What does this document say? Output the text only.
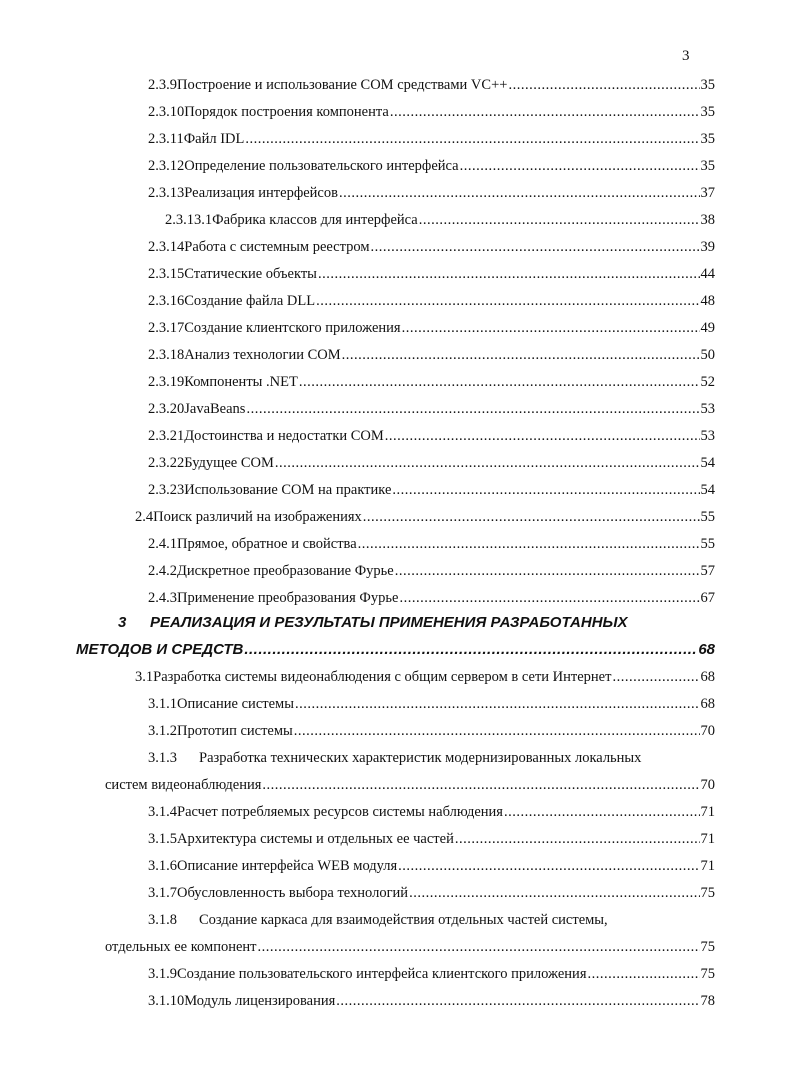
3
2.3.9 Построение и использование СОМ средствами VC++ .....	35
2.3.10 Порядок построения компонента .....	35
2.3.11 Файл IDL .....	35
2.3.12 Определение пользовательского интерфейса .....	35
2.3.13 Реализация интерфейсов .....	37
2.3.13.1 Фабрика классов для интерфейса .....	38
2.3.14 Работа с системным реестром .....	39
2.3.15 Статические объекты .....	44
2.3.16 Создание файла DLL .....	48
2.3.17 Создание клиентского приложения .....	49
2.3.18 Анализ технологии СОМ .....	50
2.3.19 Компоненты .NET .....	52
2.3.20 JavaBeans .....	53
2.3.21 Достоинства и недостатки СОМ .....	53
2.3.22 Будущее СОМ .....	54
2.3.23 Использование СОМ на практике .....	54
2.4 Поиск различий на изображениях .....	55
2.4.1 Прямое, обратное и свойства .....	55
2.4.2 Дискретное преобразование Фурье .....	57
2.4.3 Применение преобразования Фурье .....	67
3 РЕАЛИЗАЦИЯ И РЕЗУЛЬТАТЫ ПРИМЕНЕНИЯ РАЗРАБОТАННЫХ
МЕТОДОВ И СРЕДСТВ .....	68
3.1 Разработка системы видеонаблюдения с общим сервером в сети Интернет .....	68
3.1.1 Описание системы .....	68
3.1.2 Прототип системы .....	70
3.1.3 Разработка технических характеристик модернизированных локальных
систем видеонаблюдения .....	70
3.1.4 Расчет потребляемых ресурсов системы наблюдения .....	71
3.1.5 Архитектура системы и отдельных ее частей .....	71
3.1.6 Описание интерфейса WEB модуля .....	71
3.1.7 Обусловленность выбора технологий .....	75
3.1.8 Создание каркаса для взаимодействия отдельных частей системы,
отдельных ее компонент .....	75
3.1.9 Создание пользовательского интерфейса клиентского приложения .....	75
3.1.10 Модуль лицензирования .....	78
